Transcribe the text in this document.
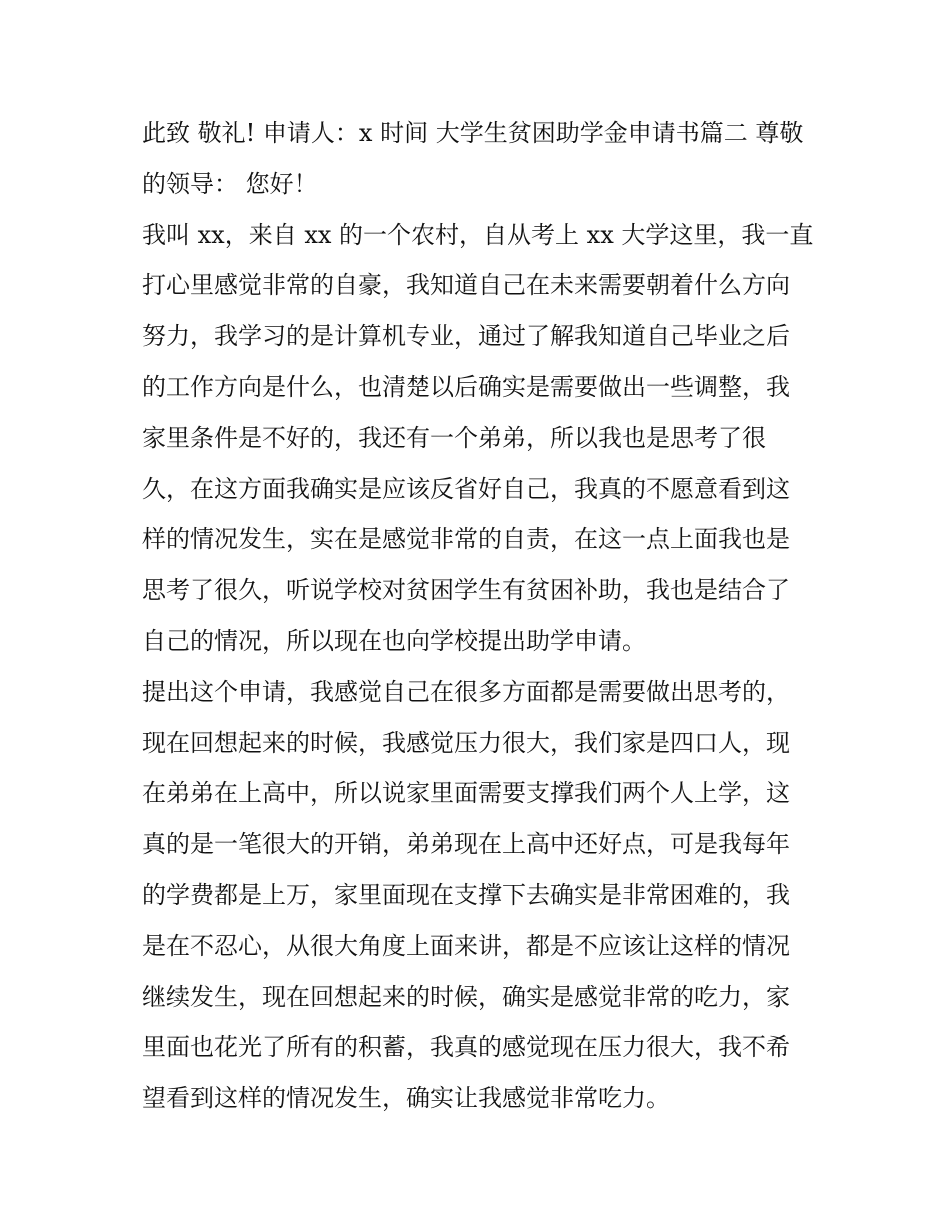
此致 敬礼! 申请人：x 时间 大学生贫困助学金申请书篇二 尊敬
的领导： 您好！
我叫 xx，来自 xx 的一个农村，自从考上 xx 大学这里，我一直
打心里感觉非常的自豪，我知道自己在未来需要朝着什么方向
努力，我学习的是计算机专业，通过了解我知道自己毕业之后
的工作方向是什么，也清楚以后确实是需要做出一些调整，我
家里条件是不好的，我还有一个弟弟，所以我也是思考了很
久，在这方面我确实是应该反省好自己，我真的不愿意看到这
样的情况发生，实在是感觉非常的自责，在这一点上面我也是
思考了很久，听说学校对贫困学生有贫困补助，我也是结合了
自己的情况，所以现在也向学校提出助学申请。
提出这个申请，我感觉自己在很多方面都是需要做出思考的，
现在回想起来的时候，我感觉压力很大，我们家是四口人，现
在弟弟在上高中，所以说家里面需要支撑我们两个人上学，这
真的是一笔很大的开销，弟弟现在上高中还好点，可是我每年
的学费都是上万，家里面现在支撑下去确实是非常困难的，我
是在不忍心，从很大角度上面来讲，都是不应该让这样的情况
继续发生，现在回想起来的时候，确实是感觉非常的吃力，家
里面也花光了所有的积蓄，我真的感觉现在压力很大，我不希
望看到这样的情况发生，确实让我感觉非常吃力。
